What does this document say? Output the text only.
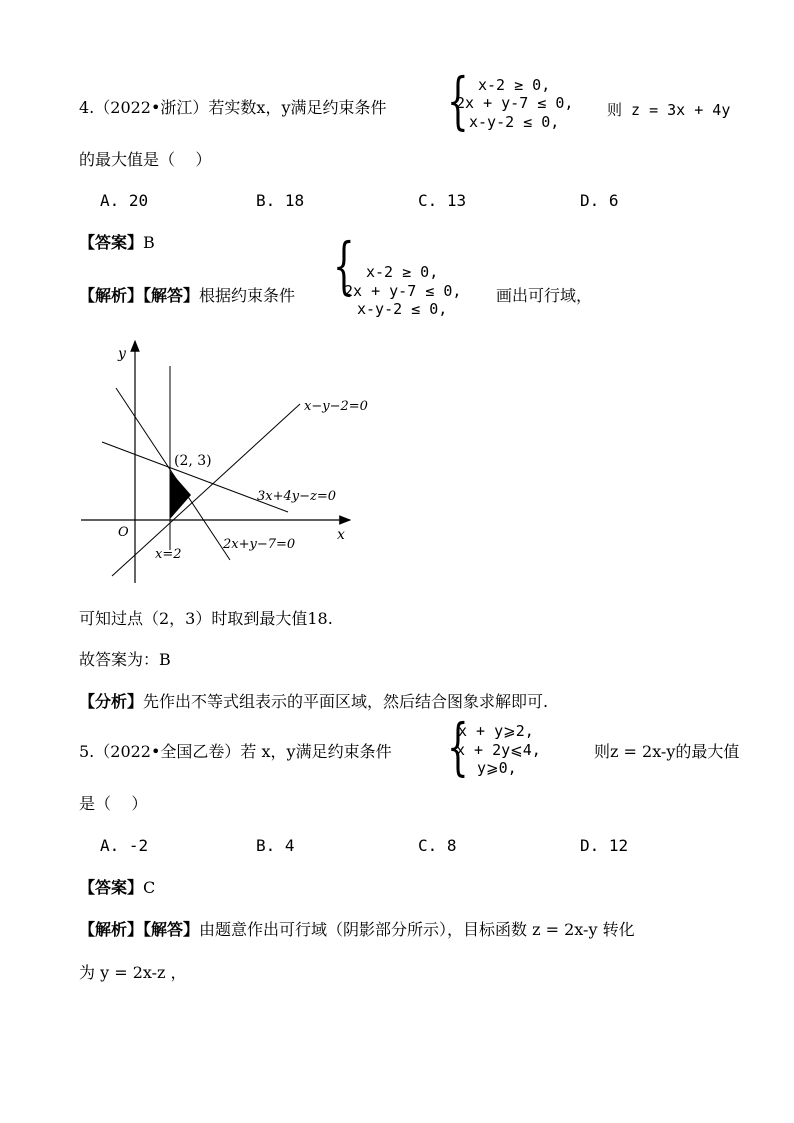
4.（2022•浙江）若实数x，y满足约束条件 { x-2 ≥ 0,
2x + y-7 ≤ 0,
x-y-2 ≤ 0,
则 z = 3x + 4y
的最大值是（    ）
A. 20	B. 18	C. 13	D. 6
【答案】B
【解析】【解答】根据约束条件 { x-2 ≥ 0,
2x + y-7 ≤ 0,
x-y-2 ≤ 0,
画出可行域，
y
x
O
(2, 3)
x−y−2=0
3x+4y−z=0
2x+y−7=0
x=2
可知过点（2，3）时取到最大值18.
故答案为：B
【分析】先作出不等式组表示的平面区域，然后结合图象求解即可.
5.（2022•全国乙卷）若 x，y满足约束条件 {
x + y⩾2,
x + 2y⩽4,
y⩾0,
则z = 2x-y的最大值
是（    ）
A. -2	B. 4	C. 8	D. 12
【答案】C
【解析】【解答】由题意作出可行域（阴影部分所示），目标函数 z = 2x-y 转化
为 y = 2x-z ，
